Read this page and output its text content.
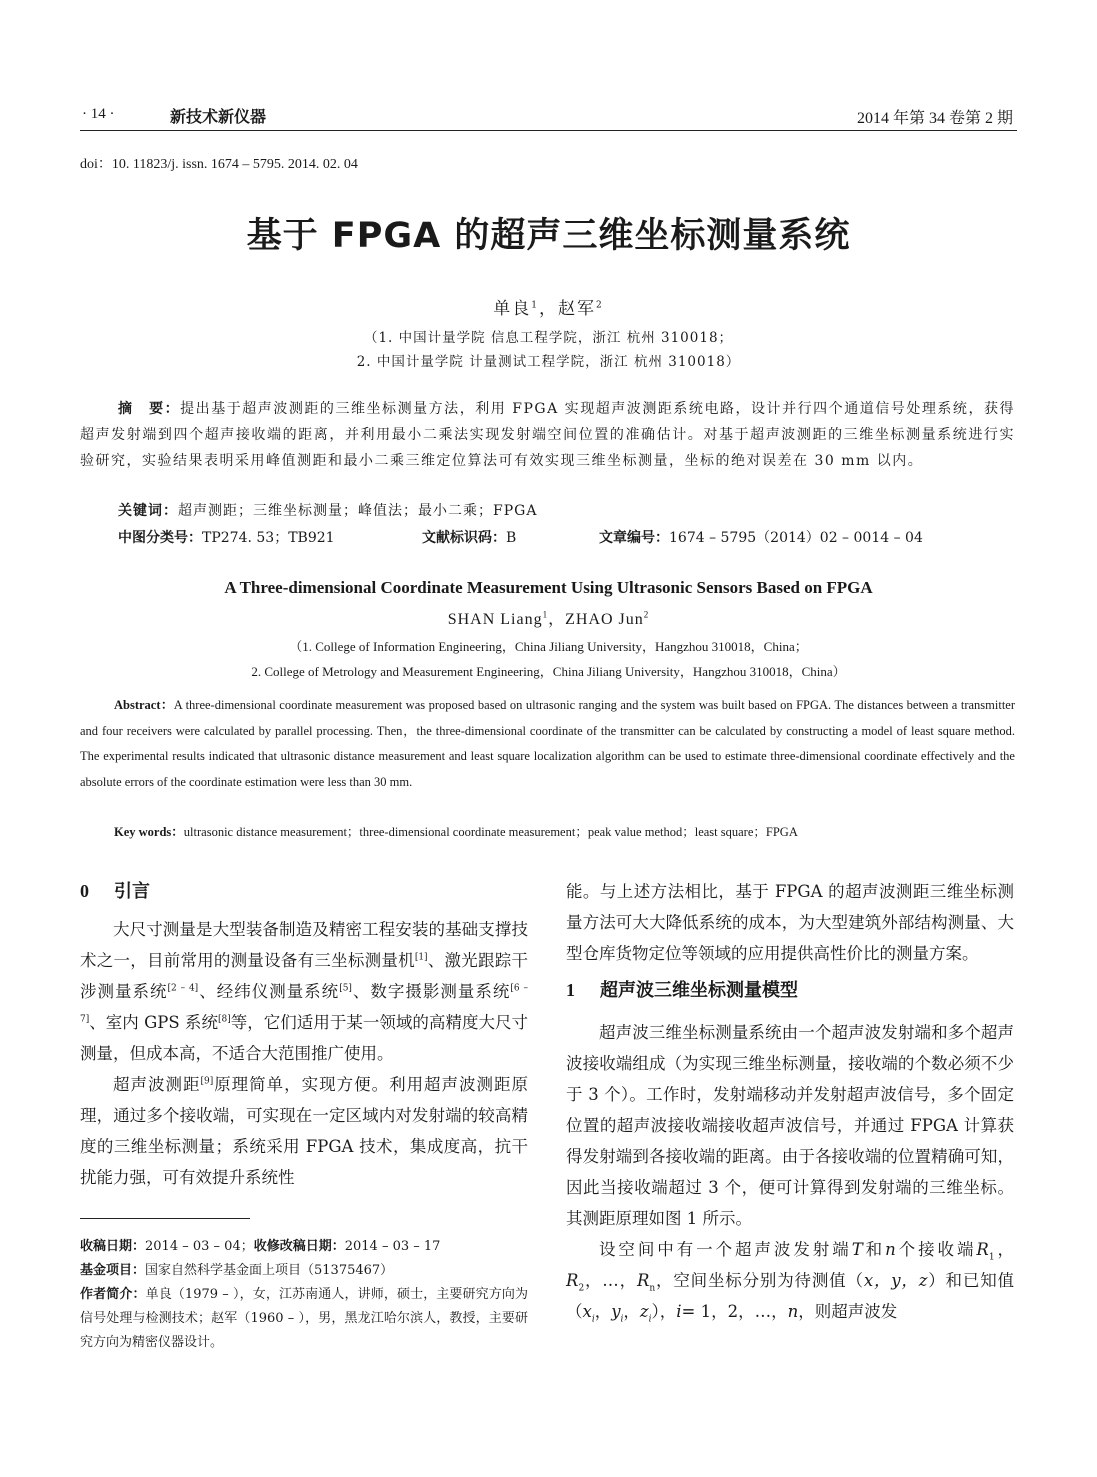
· 14 ·	新技术新仪器	2014 年第 34 卷第 2 期
doi：10. 11823/j. issn. 1674 – 5795. 2014. 02. 04
基于 FPGA 的超声三维坐标测量系统
单良$^1$，赵军$^2$
（1. 中国计量学院 信息工程学院，浙江 杭州 310018；
2. 中国计量学院 计量测试工程学院，浙江 杭州 310018）
摘　要：提出基于超声波测距的三维坐标测量方法，利用 FPGA 实现超声波测距系统电路，设计并行四个通道信号处理系统，获得超声发射端到四个超声接收端的距离，并利用最小二乘法实现发射端空间位置的准确估计。对基于超声波测距的三维坐标测量系统进行实验研究，实验结果表明采用峰值测距和最小二乘三维定位算法可有效实现三维坐标测量，坐标的绝对误差在 30 mm 以内。
关键词：超声测距；三维坐标测量；峰值法；最小二乘；FPGA
中图分类号：TP274. 53；TB921	文献标识码：B	文章编号：1674 – 5795（2014）02 – 0014 – 04
A Three-dimensional Coordinate Measurement Using Ultrasonic Sensors Based on FPGA
SHAN Liang$^1$，ZHAO Jun$^2$
（1. College of Information Engineering，China Jiliang University，Hangzhou 310018，China；
2. College of Metrology and Measurement Engineering，China Jiliang University，Hangzhou 310018，China）
Abstract：A three-dimensional coordinate measurement was proposed based on ultrasonic ranging and the system was built based on FPGA. The distances between a transmitter and four receivers were calculated by parallel processing. Then，the three-dimensional coordinate of the transmitter can be calculated by constructing a model of least square method. The experimental results indicated that ultrasonic distance measurement and least square localization algorithm can be used to estimate three-dimensional coordinate effectively and the absolute errors of the coordinate estimation were less than 30 mm.
Key words：ultrasonic distance measurement；three-dimensional coordinate measurement；peak value method；least square；FPGA
0 引言

大尺寸测量是大型装备制造及精密工程安装的基础支撑技术之一，目前常用的测量设备有三坐标测量机[1]、激光跟踪干涉测量系统[2 – 4]、经纬仪测量系统[5]、数字摄影测量系统[6 – 7]、室内 GPS 系统[8]等，它们适用于某一领域的高精度大尺寸测量，但成本高，不适合大范围推广使用。

超声波测距[9]原理简单，实现方便。利用超声波测距原理，通过多个接收端，可实现在一定区域内对发射端的较高精度的三维坐标测量；系统采用 FPGA 技术，集成度高，抗干扰能力强，可有效提升系统性

收稿日期：2014 – 03 – 04；收修改稿日期：2014 – 03 – 17

基金项目：国家自然科学基金面上项目（51375467）

作者简介：单良（1979 – ），女，江苏南通人，讲师，硕士，主要研究方向为信号处理与检测技术；赵军（1960 – ），男，黑龙江哈尔滨人，教授，主要研究方向为精密仪器设计。

能。与上述方法相比，基于 FPGA 的超声波测距三维坐标测量方法可大大降低系统的成本，为大型建筑外部结构测量、大型仓库货物定位等领域的应用提供高性价比的测量方案。

1 超声波三维坐标测量模型

超声波三维坐标测量系统由一个超声波发射端和多个超声波接收端组成（为实现三维坐标测量，接收端的个数必须不少于 3 个）。工作时，发射端移动并发射超声波信号，多个固定位置的超声波接收端接收超声波信号，并通过 FPGA 计算获得发射端到各接收端的距离。由于各接收端的位置精确可知，因此当接收端超过 3 个，便可计算得到发射端的三维坐标。其测距原理如图 1 所示。

设空间中有一个超声波发射端T和n个接收端$R_1$，$R_2$，…，$R_n$，空间坐标分别为待测值（x，y，z）和已知值（$x_i$，$y_i$，$z_i$），i= 1，2，…，n，则超声波发
